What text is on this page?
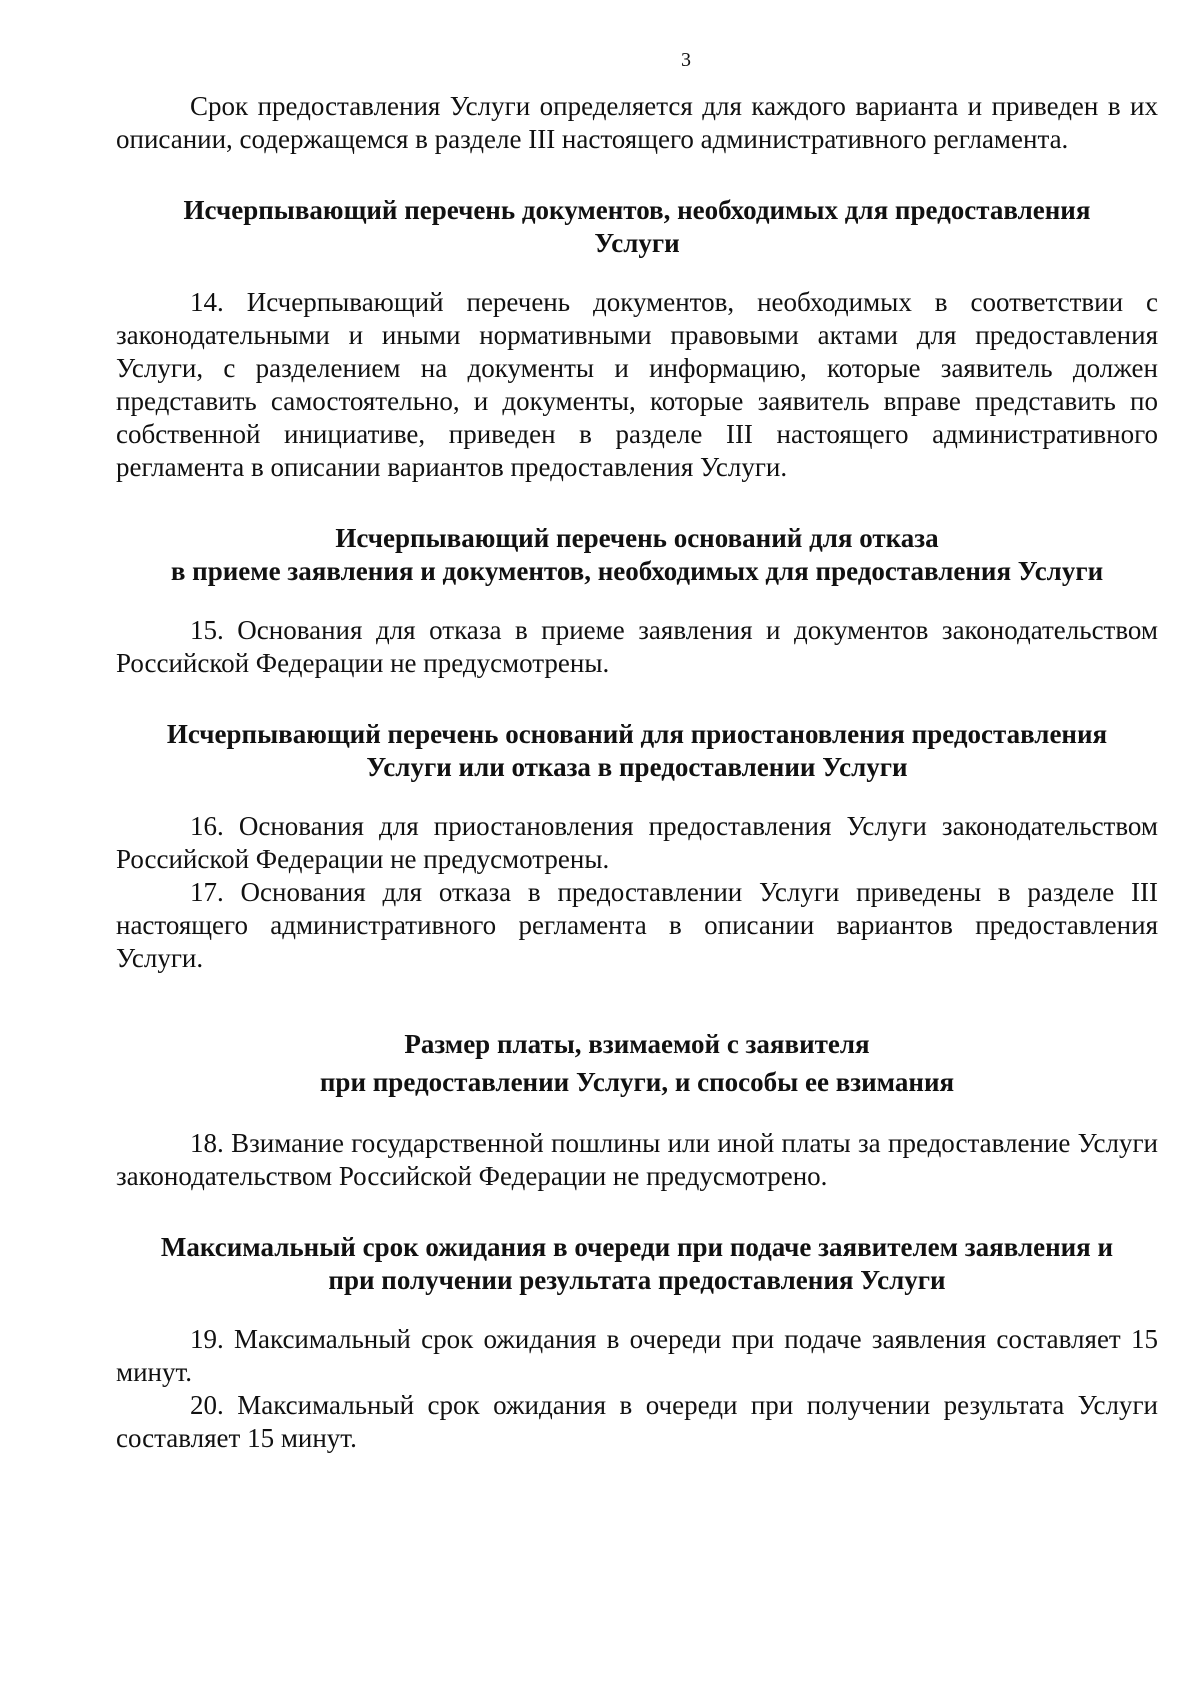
3

Срок предоставления Услуги определяется для каждого варианта и приведен в их описании, содержащемся в разделе III настоящего административного регламента.

Исчерпывающий перечень документов, необходимых для предоставления
Услуги

14. Исчерпывающий перечень документов, необходимых в соответствии с законодательными и иными нормативными правовыми актами для предоставления Услуги, с разделением на документы и информацию, которые заявитель должен представить самостоятельно, и документы, которые заявитель вправе представить по собственной инициативе, приведен в разделе III настоящего административного регламента в описании вариантов предоставления Услуги.

Исчерпывающий перечень оснований для отказа
в приеме заявления и документов, необходимых для предоставления Услуги

15. Основания для отказа в приеме заявления и документов законодательством Российской Федерации не предусмотрены.

Исчерпывающий перечень оснований для приостановления предоставления
Услуги или отказа в предоставлении Услуги

16. Основания для приостановления предоставления Услуги законодательством Российской Федерации не предусмотрены.

17. Основания для отказа в предоставлении Услуги приведены в разделе III настоящего административного регламента в описании вариантов предоставления Услуги.

Размер платы, взимаемой с заявителя
при предоставлении Услуги, и способы ее взимания

18. Взимание государственной пошлины или иной платы за предоставление Услуги законодательством Российской Федерации не предусмотрено.

Максимальный срок ожидания в очереди при подаче заявителем заявления и
при получении результата предоставления Услуги

19. Максимальный срок ожидания в очереди при подаче заявления составляет 15 минут.

20. Максимальный срок ожидания в очереди при получении результата Услуги составляет 15 минут.
